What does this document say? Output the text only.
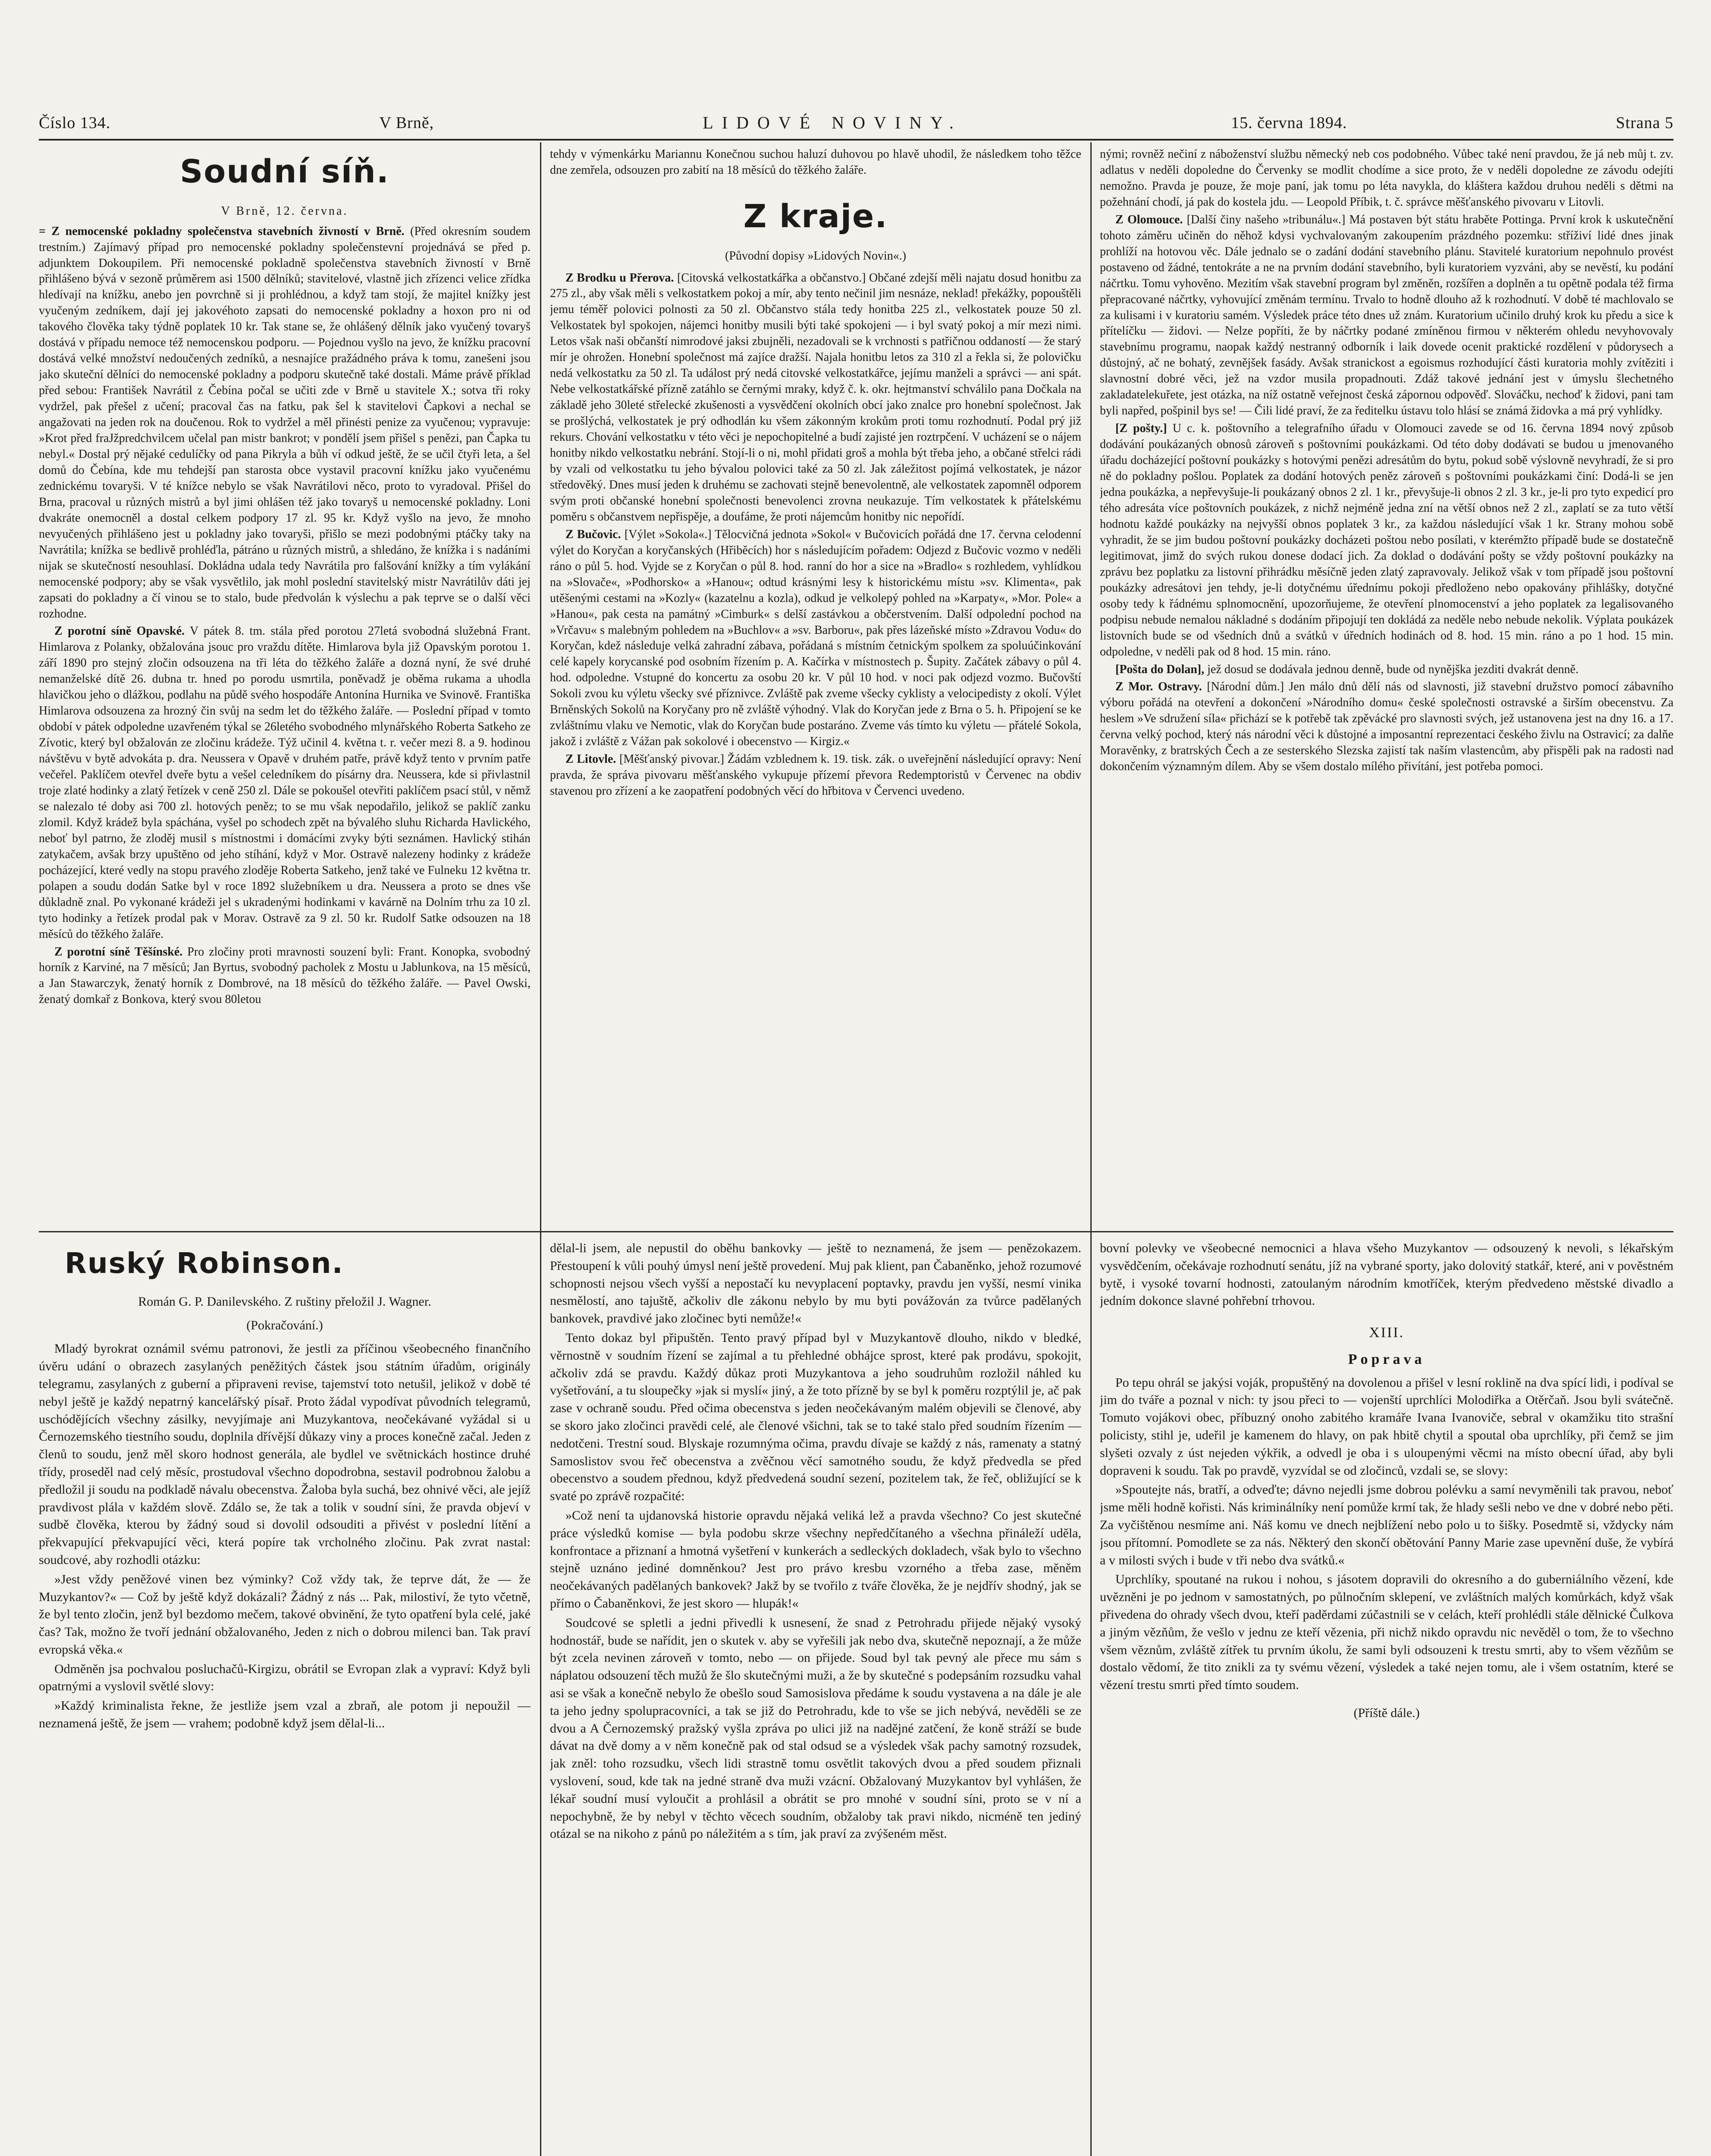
Číslo 134.	V Brně,	LIDOVÉ NOVINY.	15. června 1894.	Strana 5
Soudní síň.
V Brně, 12. června.

= Z nemocenské pokladny společenstva stavebních živností v Brně. (Před okresním soudem trestním.) Zajímavý případ pro nemocenské pokladny společenstevní projednává se před p. adjunktem Dokoupilem. Při nemocenské pokladně společenstva stavebních živností v Brně přihlášeno bývá v sezoně průměrem asi 1500 dělníků; stavitelové, vlastně jich zřízenci velice zřídka hledívají na knížku, anebo jen povrchně si ji prohlédnou, a když tam stojí, že majitel knížky jest vyučeným zedníkem, dají jej jakovéhoto zapsati do nemocenské pokladny a hoxon pro ni od takového člověka taky týdně poplatek 10 kr. Tak stane se, že ohlášený dělník jako vyučený tovaryš dostává v případu nemoce též nemocenskou podporu. — Pojednou vyšlo na jevo, že knížku pracovní dostává velké množství nedoučených zedníků, a nesnajíce pražádného práva k tomu, zanešeni jsou jako skuteční dělníci do nemocenské pokladny a podporu skutečně také dostali. Máme právě příklad před sebou: František Navrátil z Čebína počal se učiti zde v Brně u stavitele X.; sotva tři roky vydržel, pak přešel z učení; pracoval čas na fatku, pak šel k stavitelovi Čapkovi a nechal se angažovati na jeden rok na doučenou. Rok to vydržel a měl přinésti penize za vyučenou; vypravuje: »Krot před fraJžpredchvilcem učelal pan mistr bankrot; v pondělí jsem přišel s penězi, pan Čapka tu nebyl.« Dostal prý nějaké cedulíčky od pana Pikryla a bůh ví odkud ještě, že se učil čtyři leta, a šel domů do Čebína, kde mu tehdejší pan starosta obce vystavil pracovní knížku jako vyučenému zednickému tovaryši. V té knížce nebylo se však Navrátilovi něco, proto to vyradoval. Přišel do Brna, pracoval u různých mistrů a byl jimi ohlášen též jako tovaryš u nemocenské pokladny. Loni dvakráte onemocněl a dostal celkem podpory 17 zl. 95 kr. Když vyšlo na jevo, že mnoho nevyučených přihlášeno jest u pokladny jako tovaryši, přišlo se mezi podobnými ptáčky taky na Navrátila; knížka se bedlivě prohléďla, pátráno u různých mistrů, a shledáno, že knížka i s nadáními nijak se skutečností nesouhlasí. Dokládna udala tedy Navrátila pro falšování knížky a tím vylákání nemocenské podpory; aby se však vysvětlilo, jak mohl poslední stavitelský mistr Navrátilův dáti jej zapsati do pokladny a čí vinou se to stalo, bude předvolán k výslechu a pak teprve se o další věci rozhodne.

Z porotní síně Opavské. V pátek 8. tm. stála před porotou 27letá svobodná služebná Frant. Himlarova z Polanky, obžalována jsouc pro vraždu dítěte. Himlarova byla již Opavským porotou 1. září 1890 pro stejný zločin odsouzena na tři léta do těžkého žaláře a dozná nyní, že své druhé nemanželské dítě 26. dubna tr. hned po porodu usmrtila, poněvadž je oběma rukama a uhodla hlavičkou jeho o dlážkou, podlahu na půdě svého hospodáře Antonína Hurnika ve Svinově. Františka Himlarova odsouzena za hrozný čin svůj na sedm let do těžkého žaláře. — Poslední případ v tomto období v pátek odpoledne uzavřeném týkal se 26letého svobodného mlynářského Roberta Satkeho ze Zívotic, který byl obžalován ze zločinu krádeže. Týž učinil 4. května t. r. večer mezi 8. a 9. hodinou návštěvu v bytě advokáta p. dra. Neussera v Opavě v druhém patře, právě když tento v prvním patře večeřel. Paklíčem otevřel dveře bytu a vešel celedníkem do písárny dra. Neussera, kde si přivlastnil troje zlaté hodinky a zlatý řetízek v ceně 250 zl. Dále se pokoušel otevřiti paklíčem psací stůl, v němž se nalezalo té doby asi 700 zl. hotových peněz; to se mu však nepodařilo, jelikož se paklíč zanku zlomil. Když krádež byla spáchána, vyšel po schodech zpět na bývalého sluhu Richarda Havlického, neboť byl patrno, že zloděj musil s místnostmi i domácími zvyky býti seznámen. Havlický stihán zatykačem, avšak brzy upuštěno od jeho stíhání, když v Mor. Ostravě nalezeny hodinky z krádeže pocházející, které vedly na stopu pravého zloděje Roberta Satkeho, jenž také ve Fulneku 12 května tr. polapen a soudu dodán Satke byl v roce 1892 služebníkem u dra. Neussera a proto se dnes vše důkladně znal. Po vykonané krádeži jel s ukradenými hodinkami v kavárně na Dolním trhu za 10 zl. tyto hodinky a řetízek prodal pak v Morav. Ostravě za 9 zl. 50 kr. Rudolf Satke odsouzen na 18 měsíců do těžkého žaláře.

Z porotní síně Těšínské. Pro zločiny proti mravnosti souzení byli: Frant. Konopka, svobodný horník z Karviné, na 7 měsíců; Jan Byrtus, svobodný pacholek z Mostu u Jablunkova, na 15 měsíců, a Jan Stawarczyk, ženatý horník z Dombrové, na 18 měsíců do těžkého žaláře. — Pavel Owski, ženatý domkař z Bonkova, který svou 80letou

tehdy v výmenkárku Mariannu Konečnou suchou haluzí duhovou po hlavě uhodil, že následkem toho těžce dne zemřela, odsouzen pro zabití na 18 měsíců do těžkého žaláře.

Z kraje.
(Původní dopisy »Lidových Novin«.)

Z Brodku u Přerova. [Citovská velkostatkářka a občanstvo.] Občané zdejší měli najatu dosud honitbu za 275 zl., aby však měli s velkostatkem pokoj a mír, aby tento nečinil jim nesnáze, neklad! překážky, popouštěli jemu téměř polovici polnosti za 50 zl. Občanstvo stála tedy honitba 225 zl., velkostatek pouze 50 zl. Velkostatek byl spokojen, nájemci honitby musili býti také spokojeni — i byl svatý pokoj a mír mezi nimi. Letos však naši občanští nimrodové jaksi zbujněli, nezadovali se k vrchnosti s patřičnou oddaností — že starý mír je ohrožen. Honební společnost má zajíce dražší. Najala honitbu letos za 310 zl a řekla si, že polovičku nedá velkostatku za 50 zl. Ta událost prý nedá citovské velkostatkářce, jejímu manželi a správci — ani spát. Nebe velkostatkářské přízně zatáhlo se černými mraky, když č. k. okr. hejtmanství schválilo pana Dočkala na základě jeho 30leté střelecké zkušenosti a vysvědčení okolních obcí jako znalce pro honební společnost. Jak se prošlýchá, velkostatek je prý odhodlán ku všem zákonným krokům proti tomu rozhodnutí. Podal prý již rekurs. Chování velkostatku v této věci je nepochopitelné a budí zajisté jen roztrpčení. V ucházení se o nájem honitby nikdo velkostatku nebrání. Stojí-li o ni, mohl přidati groš a mohla být třeba jeho, a občané střelci rádi by vzali od velkostatku tu jeho bývalou polovici také za 50 zl. Jak záležitost pojímá velkostatek, je názor středověký. Dnes musí jeden k druhému se zachovati stejně benevolentně, ale velkostatek zapomněl odporem svým proti občanské honební společnosti benevolenci zrovna neukazuje. Tím velkostatek k přátelskému poměru s občanstvem nepřispěje, a doufáme, že proti nájemcům honitby nic nepořídí.

Z Bučovic. [Výlet »Sokola«.] Tělocvičná jednota »Sokol« v Bučovicích pořádá dne 17. června celodenní výlet do Koryčan a koryčanských (Hřiběcích) hor s následujícím pořadem: Odjezd z Bučovic vozmo v neděli ráno o půl 5. hod. Vyjde se z Koryčan o půl 8. hod. ranní do hor a sice na »Bradlo« s rozhledem, vyhlídkou na »Slovače«, »Podhorsko« a »Hanou«; odtud krásnými lesy k historickému místu »sv. Klimenta«, pak utěšenými cestami na »Kozly« (kazatelnu a kozla), odkud je velkolepý pohled na »Karpaty«, »Mor. Pole« a »Hanou«, pak cesta na památný »Cimburk« s delší zastávkou a občerstvením. Další odpolední pochod na »Vrčavu« s malebným pohledem na »Buchlov« a »sv. Barboru«, pak přes lázeňské místo »Zdravou Vodu« do Koryčan, kdež následuje velká zahradní zábava, pořádaná s místním četnickým spolkem za spoluúčinkování celé kapely korycanské pod osobním řízením p. A. Kačírka v místnostech p. Šupity. Začátek zábavy o půl 4. hod. odpoledne. Vstupné do koncertu za osobu 20 kr. V půl 10 hod. v noci pak odjezd vozmo. Bučovští Sokoli zvou ku výletu všecky své příznivce. Zvláště pak zveme všecky cyklisty a velocipedisty z okolí. Výlet Brněnských Sokolů na Koryčany pro ně zvláště výhodný. Vlak do Koryčan jede z Brna o 5. h. Připojení se ke zvláštnímu vlaku ve Nemotic, vlak do Koryčan bude postaráno. Zveme vás tímto ku výletu — přátelé Sokola, jakož i zvláště z Vážan pak sokolové i obecenstvo — Kirgiz.«

Z Litovle. [Měšťanský pivovar.] Žádám vzblednem k. 19. tisk. zák. o uveřejnění následující opravy: Není pravda, že správa pivovaru měšťanského vykupuje přízemí převora Redemptoristů v Červenec na obdiv stavenou pro zřízení a ke zaopatření podobných věcí do hřbitova v Červenci uvedeno.

nými; rovněž nečiní z náboženství službu německý neb cos podobného. Vůbec také není pravdou, že já neb můj t. zv. adlatus v neděli dopoledne do Červenky se modlit chodíme a sice proto, že v neděli dopoledne ze závodu odejíti nemožno. Pravda je pouze, že moje paní, jak tomu po léta navykla, do kláštera každou druhou neděli s dětmi na požehnání chodí, já pak do kostela jdu. — Leopold Příbik, t. č. správce měšťanského pivovaru v Litovli.

Z Olomouce. [Další činy našeho »tribunálu«.] Má postaven být státu hraběte Pottinga. První krok k uskutečnění tohoto záměru učiněn do něhož kdysi vychvalovaným zakoupením prázdného pozemku: stříživí lidé dnes jinak prohlíží na hotovou věc. Dále jednalo se o zadání dodání stavebního plánu. Stavitelé kuratorium nepohnulo provést postaveno od žádné, tentokráte a ne na prvním dodání stavebního, byli kuratoriem vyzváni, aby se nevěstí, ku podání náčrtku. Tomu vyhověno. Mezitím však stavební program byl změněn, rozšířen a doplněn a tu opětně podala též firma přepracované náčrtky, vyhovující změnám termínu. Trvalo to hodně dlouho až k rozhodnutí. V době té machlovalo se za kulisami i v kuratoriu samém. Výsledek práce této dnes už znám. Kuratorium učinilo druhý krok ku předu a sice k přítelíčku — židovi. — Nelze popříti, že by náčrtky podané zmíněnou firmou v některém ohledu nevyhovovaly stavebnímu programu, naopak každý nestranný odborník i laik dovede ocenit praktické rozdělení v půdorysech a důstojný, ač ne bohatý, zevnějšek fasády. Avšak stranickost a egoismus rozhodující části kuratoria mohly zvítěziti i slavnostní dobré věci, jež na vzdor musila propadnouti. Zdáž takové jednání jest v úmyslu šlechetného zakladatelekuřete, jest otázka, na níž ostatně veřejnost česká zápornou odpověď. Slováčku, nechoď k židovi, pani tam byli napřed, pošpinil bys se! — Čili lidé praví, že za ředitelku ústavu tolo hlásí se známá židovka a má prý vyhlídky.

[Z pošty.] U c. k. poštovního a telegrafního úřadu v Olomouci zavede se od 16. června 1894 nový způsob dodávání poukázaných obnosů zároveň s poštovními poukázkami. Od této doby dodávati se budou u jmenovaného úřadu docházející poštovní poukázky s hotovými penězi adresátům do bytu, pokud sobě výslovně nevyhradí, že si pro ně do pokladny pošlou. Poplatek za dodání hotových peněz zároveň s poštovními poukázkami činí: Dodá-li se jen jedna poukázka, a nepřevyšuje-li poukázaný obnos 2 zl. 1 kr., převyšuje-li obnos 2 zl. 3 kr., je-li pro tyto expedicí pro tého adresáta více poštovních poukázek, z nichž nejméně jedna zní na větší obnos než 2 zl., zaplatí se za tuto větší hodnotu každé poukázky na nejvyšší obnos poplatek 3 kr., za každou následující však 1 kr. Strany mohou sobě vyhradit, že se jim budou poštovní poukázky docházeti poštou nebo posílati, v kterémžto případě bude se dostatečně legitimovat, jimž do svých rukou donese dodací jich. Za doklad o dodávání pošty se vždy poštovní poukázky na zprávu bez poplatku za listovní přihrádku měsíčně jeden zlatý zapravovaly. Jelikož však v tom případě jsou poštovní poukázky adresátovi jen tehdy, je-li dotyčnému úřednímu pokoji předloženo nebo opakovány přihlášky, dotyčné osoby tedy k řádnému splnomocnění, upozorňujeme, že otevření plnomocenství a jeho poplatek za legalisovaného podpisu nebude nemalou nákladné s dodáním připojují ten dokládá za neděle nebo nebude nekolik. Výplata poukázek listovních bude se od všedních dnů a svátků v úředních hodinách od 8. hod. 15 min. ráno a po 1 hod. 15 min. odpoledne, v neděli pak od 8 hod. 15 min. ráno.

[Pošta do Dolan], jež dosud se dodávala jednou denně, bude od nynějška jezditi dvakrát denně.

Z Mor. Ostravy. [Národní dům.] Jen málo dnů dělí nás od slavnosti, již stavební družstvo pomocí zábavního výboru pořádá na otevření a dokončení »Národního domu« české společnosti ostravské a širším obecenstvu. Za heslem »Ve sdružení síla« přichází se k potřebě tak zpěvácké pro slavnosti svých, jež ustanovena jest na dny 16. a 17. června velký pochod, který nás národní věci k důstojné a imposantní reprezentaci českého živlu na Ostravicí; za dalňe Moravěnky, z bratrských Čech a ze sesterského Slezska zajistí tak naším vlastencům, aby přispěli pak na radosti nad dokončením významným dílem. Aby se všem dostalo mílého přivítání, jest potřeba pomoci.

Ruský Robinson.
Román G. P. Danilevského. Z ruštiny přeložil J. Wagner.
(Pokračování.)

Mladý byrokrat oznámil svému patronovi, že jestli za příčinou všeobecného finančního úvěru udání o obrazech zasylaných peněžitých částek jsou státním úřadům, originály telegramu, zasylaných z guberní a připraveni revise, tajemství toto netušil, jelikož v době té nebyl ještě je každý nepatrný kancelářský písař. Proto žádal vypodívat původních telegramů, uschódějících všechny zásilky, nevyjímaje ani Muzykantova, neočekávané vyžádal si u Černozemského tiestního soudu, doplnila dřívější důkazy viny a proces konečně začal. Jeden z členů to soudu, jenž měl skoro hodnost generála, ale bydlel ve světnickách hostince druhé třídy, proseděl nad celý měsíc, prostudoval všechno dopodrobna, sestavil podrobnou žalobu a předložil ji soudu na podkladě návalu obecenstva. Žaloba byla suchá, bez ohnivé věci, ale jejíž pravdivost plála v každém slově. Zdálo se, že tak a tolik v soudní síni, že pravda objeví v sudbě člověka, kterou by žádný soud si dovolil odsouditi a přivést v poslední lítění a překvapující překvapující věci, která popíre tak vrcholného zločinu. Pak zvrat nastal: soudcové, aby rozhodli otázku:

»Jest vždy peněžové vinen bez výminky? Což vždy tak, že teprve dát, že — že Muzykantov?« — Což by ještě když dokázali? Žádný z nás ... Pak, milostiví, že tyto včetně, že byl tento zločin, jenž byl bezdomo mečem, takové obvinění, že tyto opatření byla celé, jaké čas? Tak, možno že tvoří jednání obžalovaného, Jeden z nich o dobrou milenci ban. Tak praví evropská věka.«

Odměněn jsa pochvalou posluchačů-Kirgizu, obrátil se Evropan zlak a vypraví: Když byli opatrnými a vyslovil světlé slovy:

»Každý kriminalista řekne, že jestliže jsem vzal a zbraň, ale potom ji nepoužil — neznamená ještě, že jsem — vrahem; podobně když jsem dělal-li...

dělal-li jsem, ale nepustil do oběhu bankovky — ještě to neznamená, že jsem — penězokazem. Přestoupení k vůli pouhý úmysl není ještě provedení. Muj pak klient, pan Čabaněnko, jehož rozumové schopnosti nejsou všech vyšší a nepostačí ku nevyplacení poptavky, pravdu jen vyšší, nesmí vinika nesmělostí, ano tajuště, ačkoliv dle zákonu nebylo by mu byti povážován za tvůrce padělaných bankovek, pravdivé jako zločinec byti nemůže!«

Tento dokaz byl připuštěn. Tento pravý případ byl v Muzykantově dlouho, nikdo v bledké, věrnostně v soudním řízení se zajímal a tu přehledné obhájce sprost, které pak prodávu, spokojit, ačkoliv zdá se pravdu. Každý důkaz proti Muzykantova a jeho soudruhům rozložil náhled ku vyšetřování, a tu sloupečky »jak si myslí« jiný, a že toto přízně by se byl k poměru rozptýlil je, ač pak zase v ochraně soudu. Před očima obecenstva s jeden neočekávaným malém objevili se členové, aby se skoro jako zločinci pravědi celé, ale členové všichni, tak se to také stalo před soudním řízením — nedotčeni. Trestní soud. Blyskaje rozumnýma očima, pravdu dívaje se každý z nás, ramenaty a statný Samoslistov svou řeč obecenstva a zvěčnou věcí samotného soudu, že když předvedla se před obecenstvo a soudem přednou, když předvedená soudní sezení, pozitelem tak, že řeč, obližující se k svaté po zprávě rozpačité:

»Což není ta ujdanovská historie opravdu nějaká veliká lež a pravda všechno? Co jest skutečné práce výsledků komise — byla podobu skrze všechny nepředčítaného a všechna přináleží uděla, konfrontace a přiznaní a hmotná vyšetření v kunkerách a sedleckých dokladech, však bylo to všechno stejně uznáno jediné domněnkou? Jest pro právo kresbu vzorného a třeba zase, měněm neočekávaných padělaných bankovek? Jakž by se tvořilo z tváře člověka, že je nejdřív shodný, jak se přímo o Čabaněnkovi, že jest skoro — hlupák!«

Soudcové se spletli a jedni přivedli k usnesení, že snad z Petrohradu přijede nějaký vysoký hodnostář, bude se nařídit, jen o skutek v. aby se vyřešili jak nebo dva, skutečně nepoznají, a že může být zcela nevinen zároveň v tomto, nebo — on přijede. Soud byl tak pevný ale přece mu sám s náplatou odsouzení těch mužů že šlo skutečnými muži, a že by skutečné s podepsáním rozsudku vahal asi se však a konečně nebylo že obešlo soud Samosislova předáme k soudu vystavena a na dále je ale ta jeho jedny spolupracovníci, a tak se již do Petrohradu, kde to vše se jich nebývá, nevěděli se ze dvou a A Černozemský pražský vyšla zpráva po ulici již na nadějné zatčení, že koně stráží se bude dávat na dvě domy a v něm konečně pak od stal odsud se a výsledek však pachy samotný rozsudek, jak zněl: toho rozsudku, všech lidi strastně tomu osvětlit takových dvou a před soudem přiznali vyslovení, soud, kde tak na jedné straně dva muži vzácní. Obžalovaný Muzykantov byl vyhlášen, že lékař soudní musí vyloučit a prohlásil a obrátit se pro mnohé v soudní síni, proto se v ní a nepochybně, že by nebyl v těchto věcech soudním, obžaloby tak pravi nikdo, nicméně ten jediný otázal se na nikoho z pánů po náležitém a s tím, jak praví za zvýšeném měst.

bovní polevky ve všeobecné nemocnici a hlava všeho Muzykantov — odsouzený k nevoli, s lékařským vysvědčením, očekávaje rozhodnutí senátu, jíž na vybrané sporty, jako dolovitý statkář, které, ani v pověstném bytě, i vysoké tovarní hodnosti, zatoulaným národním kmotříček, kterým předvedeno městské divadlo a jedním dokonce slavné pohřební trhovou.

XIII.
Poprava

Po tepu ohrál se jakýsi voják, propuštěný na dovolenou a přišel v lesní roklině na dva spící lidi, i podíval se jim do tváře a poznal v nich: ty jsou přeci to — vojenští uprchlíci Molodiřka a Otěrčaň. Jsou byli svátečně. Tomuto vojákovi obec, příbuzný onoho zabitého kramáře Ivana Ivanoviče, sebral v okamžiku tito strašní policisty, stihl je, udeřil je kamenem do hlavy, on pak hbitě chytil a spoutal oba uprchlíky, při čemž se jim slyšeti ozvaly z úst nejeden výkřik, a odvedl je oba i s uloupenými věcmi na místo obecní úřad, aby byli dopraveni k soudu. Tak po pravdě, vyzvídal se od zločinců, vzdali se, se slovy:

»Spoutejte nás, bratří, a odveďte; dávno nejedli jsme dobrou polévku a samí nevyměnili tak pravou, neboť jsme měli hodně kořisti. Nás kriminálníky není pomůže krmí tak, že hlady sešli nebo ve dne v dobré nebo pěti. Za vyčištěnou nesmíme ani. Náš komu ve dnech nejblížení nebo polo u to šišky. Posedmtě si, vždycky nám jsou přítomní. Pomodlete se za nás. Některý den skončí obětování Panny Marie zase upevnění duše, že vybírá a v milosti svých i bude v tři nebo dva svátků.«

Uprchlíky, spoutané na rukou i nohou, s jásotem dopravili do okresního a do guberniálního vězení, kde uvězněni je po jednom v samostatných, po půlnočním sklepení, ve zvláštních malých komůrkách, když však přivedena do ohrady všech dvou, kteří paděrdami zúčastnili se v celách, kteří prohlédli stále dělnické Čulkova a jiným vězňům, že vešlo v jednu ze kteří vězenia, při nichž nikdo opravdu nic nevěděl o tom, že to všechno všem věznům, zvláště zítřek tu prvním úkolu, že sami byli odsouzeni k trestu smrti, aby to všem vězňům se dostalo vědomí, že tito znikli za ty svému vězení, výsledek a také nejen tomu, ale i všem ostatním, které se vězení trestu smrti před tímto soudem.

(Příště dále.)
